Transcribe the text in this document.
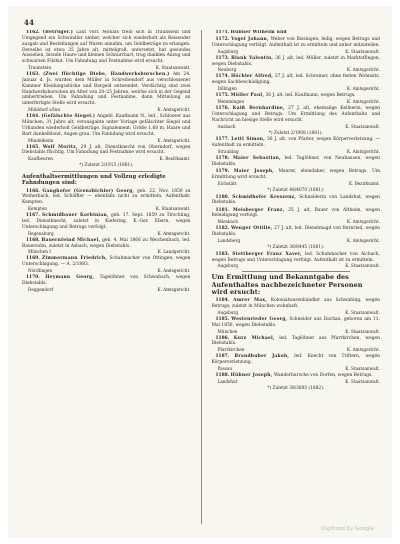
44
1162. (Betrüger.) Laut vorl. Monats treib sich in Traunstein und Umgegend ein Schwindler umher, welcher sich wiederholt als Reisender ausgab und Bestellungen auf Waren annahm, um Geldbeträge zu erlangen. Derselbe ist etwa 35 Jahre alt, mittelgroß, untersetzt, hat gesundes Aussehen, blonde Haare und kleinen Schnurrbart, trug dunklen Anzug und schwarzen Filzhut. Um Fahndung und Festnahme wird ersucht.
Traunstein	K. Staatsanwalt.
1163. (Zwei flüchtige Diebe, Handwerksburschen.) Am 24. Januar d. Js. wurden dem Müller in Schreibendorf aus verschlossener Kammer Kleidungsstücke und Bargeld entwendet. Verdächtig sind zwei Handwerksburschen im Alter von 20–25 Jahren, welche sich in der Gegend umhertrieben. Um Fahndung und Festnahme, dann Mitteilung an unterfertigte Stelle wird ersucht.
Mühldorf a/Inn	K. Amtsgericht.
1164. (Gefälschte Siegel.) Angebl. Kaufmann N., led., Schlosser aus München, 31 Jahre alt, verausgabte unter Vorlage gefälschter Siegel und Urkunden wiederholt Geldbeträge. Signalement: Größe 1,68 m, Haare und Bart dunkelblond, Augen grau. Um Fahndung wird ersucht.
Mindelheim	K. Amtsgericht.
1165. Wolf Moritz, 29 J. alt, Dienstknecht von Oberndorf, wegen Diebstahls flüchtig. Um Fahndung und Festnahme wird ersucht.
Kaufbeuren	K. Bezirksamt.
*) Zuletzt 2/1915 (1881).
Aufenthaltsermittlungen und Vollzug erledigte Fahndungen sind:
1166. Ganghofer (Grenzbichler) Georg, geb. 22. Nov. 1859 zu Weiherbach, led. Schäffler — ebenfalls nicht zu ermitteln. Aufenthalt: Kempten.
Kempten	K. Staatsanwalt.
1167. Schmidbauer Korbinian, geb. 17. Sept. 1859 zu Tirschling, led. Dienstknecht, zuletzt in Kiefering, K.-Ger. Ebern, wegen Unterschlagung und Betrugs verfolgt.
Regensburg	K. Amtsgericht.
1168. Bauernfeind Michael, geb. 4. Mai 1866 zu Weichenbach, led. Bauersohn, zuletzt in Asbach, wegen Diebstahls.
München I	K. Landgericht.
1169. Zimmermann Friedrich, Schuhmacher von Ottingen, wegen Unterschlagung. — A. 2/1883.
Nördlingen	K. Amtsgericht.
1170. Heymann Georg, Tagelöhner von Schwabach, wegen Diebstahls.
Deggendorf	K. Amtsgericht.
1171. Hübner Wilhelm und
1172. Vogel Johann, Weber von Bissingen, ledig, wegen Betrugs und Unterschlagung verfolgt. Aufenthalt ist zu ermitteln und anher mitzuteilen.
Augsburg	K. Staatsanwalt.
1173. Blank Valentin, 36 J. alt, led. Müller, zuletzt in Marktoffingen, wegen Diebstahls.
Neuburg	K. Amtsgericht.
1174. Höchler Alfred, 27 J. alt, led. Schreiner, ohne festen Wohnsitz, wegen Sachbeschädigung.
Dillingen	K. Amtsgericht.
1175. Müller Paul, 36 J. alt, led. Kaufmann, wegen Betrugs.
Memmingen	K. Amtsgericht.
1176. Kaiß Bernhardine, 27 J. alt, ehemalige Kellnerin, wegen Unterschlagung und Betrugs. Um Ermittlung des Aufenthalts und Nachricht an hiesige Stelle wird ersucht.
Ansbach	K. Staatsanwalt.
*) Zuletzt 2/1908 (1881).
1177. Lettl Simon, 36 J. alt, von Pfatter, wegen Körperverletzung. — Aufenthalt zu ermitteln.
Straubing	K. Amtsgericht.
1178. Maier Sebastian, led. Taglöhner, von Neuhausen, wegen Diebstahls.
1179. Maier Joseph, Maurer, ebendaher, wegen Betrugs. Um Ermittlung wird ersucht.
Eichstätt	K. Bezirksamt.
*) Zuletzt 48/4070 (1881).
1180. Schmidhofer Kreszenz, Schneiderin von Landshut, wegen Diebstahls.
1181. Meisberger Franz, 25 J. alt, Bauer von Altheim, wegen Beleidigung verfolgt.
Miesbach	K. Amtsgericht.
1182. Wenger Ottilie, 27 J. alt, led. Dienstmagd von Bernried, wegen Diebstahls.
Landsberg	K. Amtsgericht.
*) Zuletzt 36/8445 (1881).
1183. Stettberger Franz Xaver, led. Schuhmacher von Aichach, wegen Betrugs und Unterschlagung verfolgt. Aufenthalt ist zu ermitteln.
Augsburg	K. Staatsanwalt.
Um Ermittlung und Bekanntgabe des Aufenthaltes nachbezeichneter Personen wird ersucht:
1184. Amrer Max, Kolonialwarenhändler aus Schwabing, wegen Betrugs; zuletzt in München wohnhaft.
Augsburg	K. Staatsanwalt.
1185. Westenrieder Georg, Schneider aus Dachau, geboren am 11. Mai 1856, wegen Diebstahls.
München	K. Staatsanwalt.
1186. Kurz Michael, led. Taglöhner aus Pfarrkirchen, wegen Diebstahls.
Pfarrkirchen	K. Amtsgericht.
1187. Brandhuber Jakob, led. Knecht von Triftern, wegen Körperverletzung.
Passau	K. Staatsanwalt.
1188. Hübner Joseph, Wanderbursche von Dorfen, wegen Betrugs.
Landshut	K. Staatsanwalt.
*) Zuletzt 38/3605 (1882).
Digitized by Google
